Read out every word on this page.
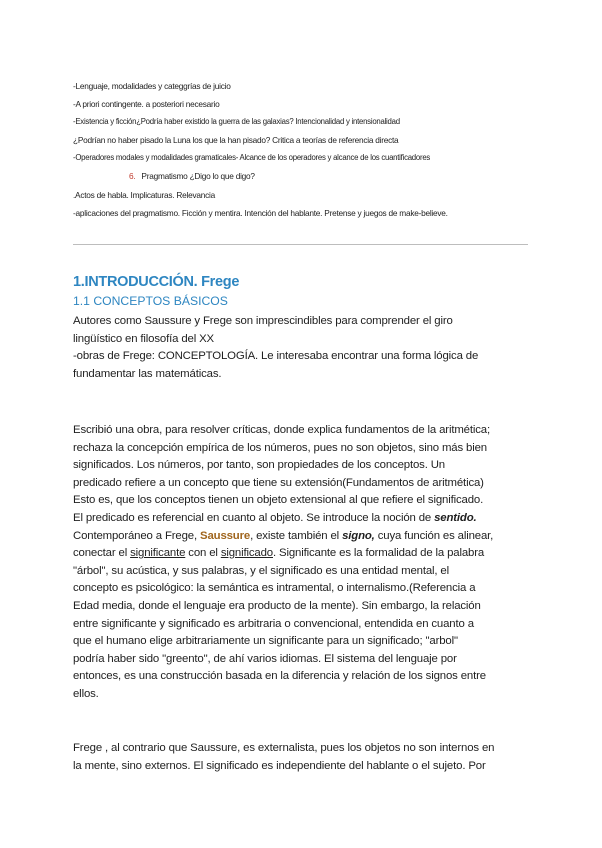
-Lenguaje, modalidades y categgrías de juicio
-A priori contingente. a posteriori necesario
-Existencia y ficción¿Podría haber existido la guerra de las galaxias? Intencionalidad y intensionalidad
¿Podrían no haber pisado la Luna los que la han pisado? Critica a teorías de referencia directa
-Operadores modales y modalidades gramaticales- Alcance de los operadores y alcance de los cuantificadores
6. Pragmatismo ¿Digo lo que digo?
.Actos de habla. Implicaturas. Relevancia
-aplicaciones del pragmatismo. Ficción y mentira. Intención del hablante. Pretense y juegos de make-believe.
1.INTRODUCCIÓN. Frege
1.1 CONCEPTOS BÁSICOS
Autores como Saussure y Frege son imprescindibles para comprender el giro
lingüístico en filosofía del XX
-obras de Frege: CONCEPTOLOGÍA. Le interesaba encontrar una forma lógica de
fundamentar las matemáticas.
Escribió una obra, para resolver críticas, donde explica fundamentos de la aritmética;
rechaza la concepción empírica de los números, pues no son objetos, sino más bien
significados. Los números, por tanto, son propiedades de los conceptos. Un
predicado refiere a un concepto que tiene su extensión(Fundamentos de aritmética)
Esto es, que los conceptos tienen un objeto extensional al que refiere el significado.
El predicado es referencial en cuanto al objeto. Se introduce la noción de sentido.
Contemporáneo a Frege, Saussure, existe también el signo, cuya función es alinear,
conectar el significante con el significado. Significante es la formalidad de la palabra
"árbol", su acústica, y sus palabras, y el significado es una entidad mental, el
concepto es psicológico: la semántica es intramental, o internalismo.(Referencia a
Edad media, donde el lenguaje era producto de la mente). Sin embargo, la relación
entre significante y significado es arbitraria o convencional, entendida en cuanto a
que el humano elige arbitrariamente un significante para un significado; "arbol"
podría haber sido "greento", de ahí varios idiomas. El sistema del lenguaje por
entonces, es una construcción basada en la diferencia y relación de los signos entre
ellos.
Frege , al contrario que Saussure, es externalista, pues los objetos no son internos en
la mente, sino externos. El significado es independiente del hablante o el sujeto. Por
